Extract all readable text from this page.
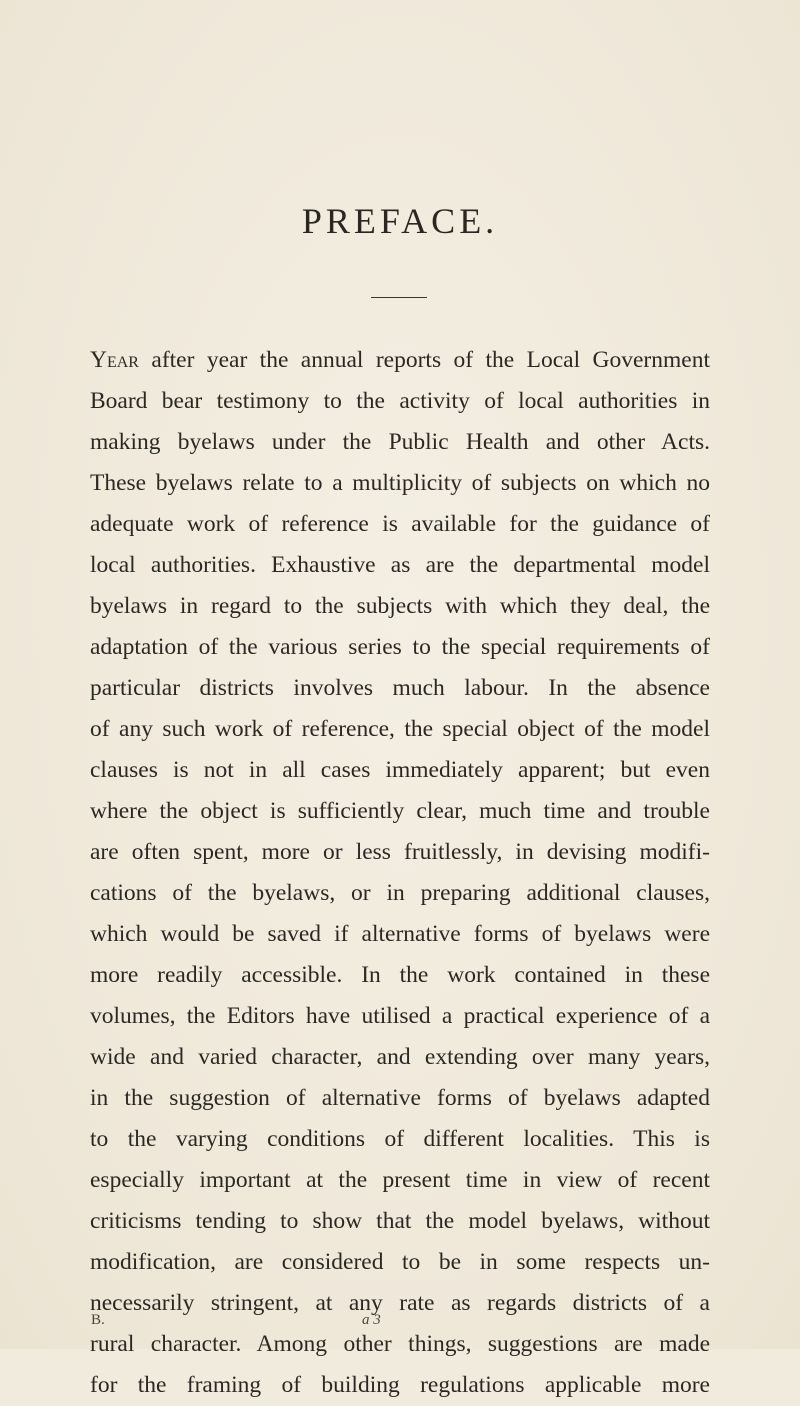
PREFACE.
Year after year the annual reports of the Local Government
Board bear testimony to the activity of local authorities in
making byelaws under the Public Health and other Acts.
These byelaws relate to a multiplicity of subjects on which no
adequate work of reference is available for the guidance of
local authorities. Exhaustive as are the departmental model
byelaws in regard to the subjects with which they deal, the
adaptation of the various series to the special requirements of
particular districts involves much labour. In the absence
of any such work of reference, the special object of the model
clauses is not in all cases immediately apparent; but even
where the object is sufficiently clear, much time and trouble
are often spent, more or less fruitlessly, in devising modifi-
cations of the byelaws, or in preparing additional clauses,
which would be saved if alternative forms of byelaws were
more readily accessible. In the work contained in these
volumes, the Editors have utilised a practical experience of a
wide and varied character, and extending over many years,
in the suggestion of alternative forms of byelaws adapted
to the varying conditions of different localities. This is
especially important at the present time in view of recent
criticisms tending to show that the model byelaws, without
modification, are considered to be in some respects un-
necessarily stringent, at any rate as regards districts of a
rural character. Among other things, suggestions are made
for the framing of building regulations applicable more
B.	a 3
